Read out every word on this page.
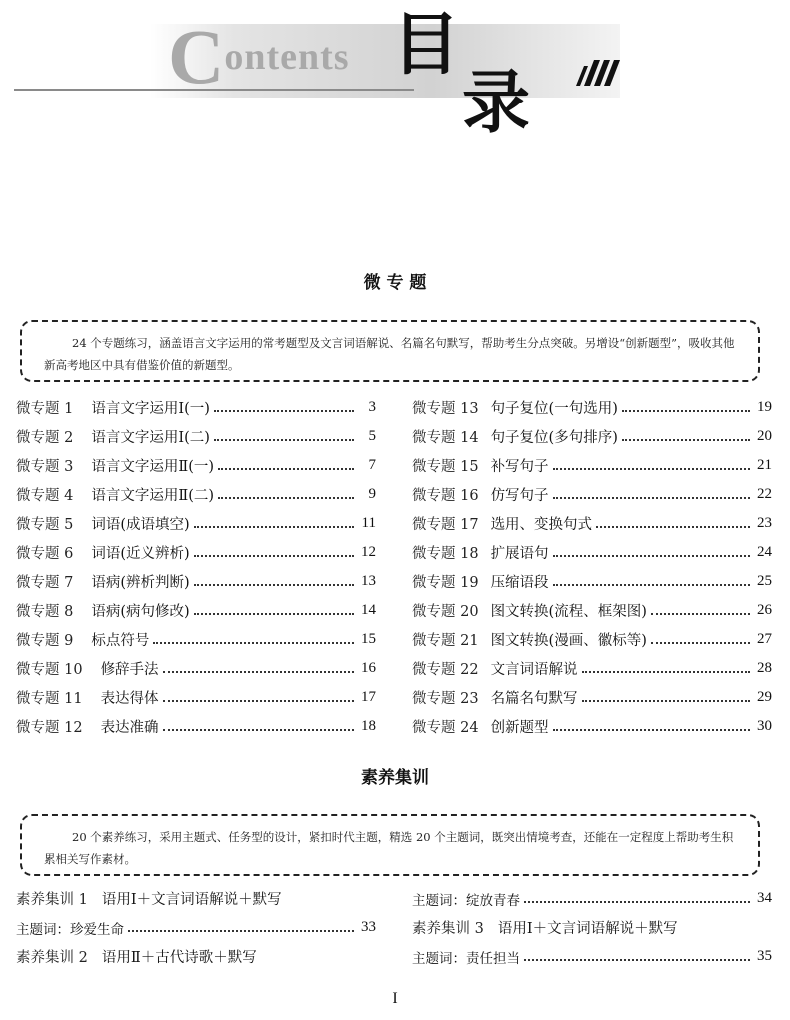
Contents 目
录
微 专 题
24 个专题练习，涵盖语言文字运用的常考题型及文言词语解说、名篇名句默写，帮助考生分点突破。另增设“创新题型”，吸收其他新高考地区中具有借鉴价值的新题型。
微专题 1 语言文字运用Ⅰ(一)	3
微专题 2 语言文字运用Ⅰ(二)	5
微专题 3 语言文字运用Ⅱ(一)	7
微专题 4 语言文字运用Ⅱ(二)	9
微专题 5 词语(成语填空)	11
微专题 6 词语(近义辨析)	12
微专题 7 语病(辨析判断)	13
微专题 8 语病(病句修改)	14
微专题 9 标点符号	15
微专题 10 修辞手法	16
微专题 11 表达得体	17
微专题 12 表达准确	18
微专题 13 句子复位(一句选用)	19
微专题 14 句子复位(多句排序)	20
微专题 15 补写句子	21
微专题 16 仿写句子	22
微专题 17 选用、变换句式	23
微专题 18 扩展语句	24
微专题 19 压缩语段	25
微专题 20 图文转换(流程、框架图)	26
微专题 21 图文转换(漫画、徽标等)	27
微专题 22 文言词语解说	28
微专题 23 名篇名句默写	29
微专题 24 创新题型	30
素养集训
20 个素养练习，采用主题式、任务型的设计，紧扣时代主题，精选 20 个主题词，既突出情境考查，还能在一定程度上帮助考生积累相关写作素材。
素养集训 1 语用Ⅰ＋文言词语解说＋默写
主题词：珍爱生命	33
素养集训 2 语用Ⅱ＋古代诗歌＋默写
主题词：绽放青春	34
素养集训 3 语用Ⅰ＋文言词语解说＋默写
主题词：责任担当	35
I
